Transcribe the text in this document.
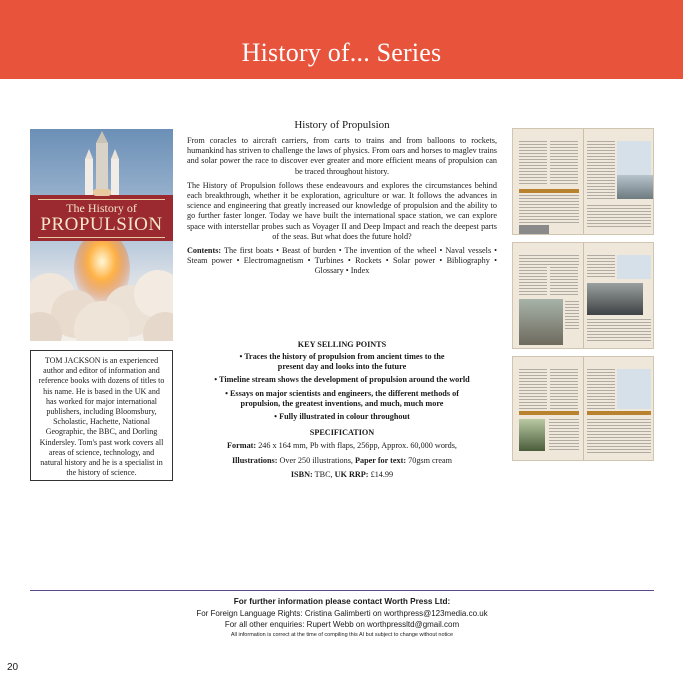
History of... Series
The History of
PROPULSION
TOM JACKSON is an experienced author and editor of information and reference books with dozens of titles to his name. He is based in the UK and has worked for major international publishers, including Bloomsbury, Scholastic, Hachette, National Geographic, the BBC, and Dorling Kindersley. Tom's past work covers all areas of science, technology, and natural history and he is a specialist in the history of science.
History of Propulsion

From coracles to aircraft carriers, from carts to trains and from balloons to rockets, humankind has striven to challenge the laws of physics. From oars and horses to maglev trains and solar power the race to discover ever greater and more efficient means of propulsion can be traced throughout history.

The History of Propulsion follows these endeavours and explores the circumstances behind each breakthrough, whether it be exploration, agriculture or war. It follows the advances in science and engineering that greatly increased our knowledge of propulsion and the ability to go further faster longer. Today we have built the international space station, we can explore space with interstellar probes such as Voyager II and Deep Impact and reach the deepest parts of the seas. But what does the future hold?

Contents: The first boats • Beast of burden • The invention of the wheel • Naval vessels • Steam power • Electromagnetism • Turbines • Rockets • Solar power • Bibliography • Glossary • Index

KEY SELLING POINTS
• Traces the history of propulsion from ancient times to the present day and looks into the future
• Timeline stream shows the development of propulsion around the world
• Essays on major scientists and engineers, the different methods of propulsion, the greatest inventions, and much, much more
• Fully illustrated in colour throughout
SPECIFICATION
Format: 246 x 164 mm, Pb with flaps, 256pp, Approx. 60,000 words,
Illustrations: Over 250 illustrations, Paper for text: 70gsm cream
ISBN: TBC, UK RRP: £14.99
For further information please contact Worth Press Ltd:
For Foreign Language Rights: Cristina Galimberti on worthpress@123media.co.uk
For all other enquiries: Rupert Webb on worthpressltd@gmail.com
All information is correct at the time of compiling this AI but subject to change without notice
20
